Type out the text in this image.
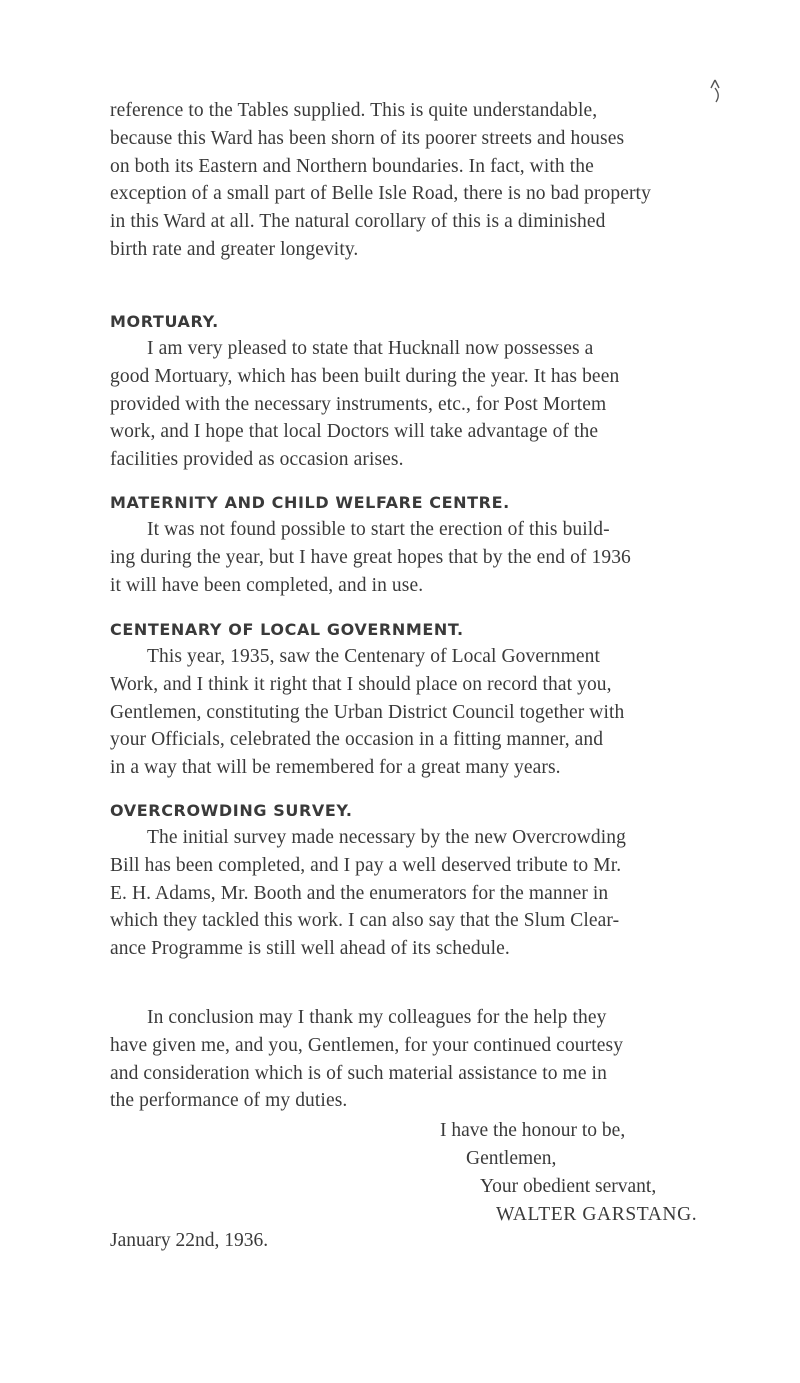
reference to the Tables supplied. This is quite understandable,
because this Ward has been shorn of its poorer streets and houses
on both its Eastern and Northern boundaries. In fact, with the
exception of a small part of Belle Isle Road, there is no bad property
in this Ward at all. The natural corollary of this is a diminished
birth rate and greater longevity.

MORTUARY.

I am very pleased to state that Hucknall now possesses a
good Mortuary, which has been built during the year. It has been
provided with the necessary instruments, etc., for Post Mortem
work, and I hope that local Doctors will take advantage of the
facilities provided as occasion arises.

MATERNITY AND CHILD WELFARE CENTRE.

It was not found possible to start the erection of this build-
ing during the year, but I have great hopes that by the end of 1936
it will have been completed, and in use.

CENTENARY OF LOCAL GOVERNMENT.

This year, 1935, saw the Centenary of Local Government
Work, and I think it right that I should place on record that you,
Gentlemen, constituting the Urban District Council together with
your Officials, celebrated the occasion in a fitting manner, and
in a way that will be remembered for a great many years.

OVERCROWDING SURVEY.

The initial survey made necessary by the new Overcrowding
Bill has been completed, and I pay a well deserved tribute to Mr.
E. H. Adams, Mr. Booth and the enumerators for the manner in
which they tackled this work. I can also say that the Slum Clear-
ance Programme is still well ahead of its schedule.

In conclusion may I thank my colleagues for the help they
have given me, and you, Gentlemen, for your continued courtesy
and consideration which is of such material assistance to me in
the performance of my duties.

I have the honour to be,

Gentlemen,

Your obedient servant,

WALTER GARSTANG.

January 22nd, 1936.
